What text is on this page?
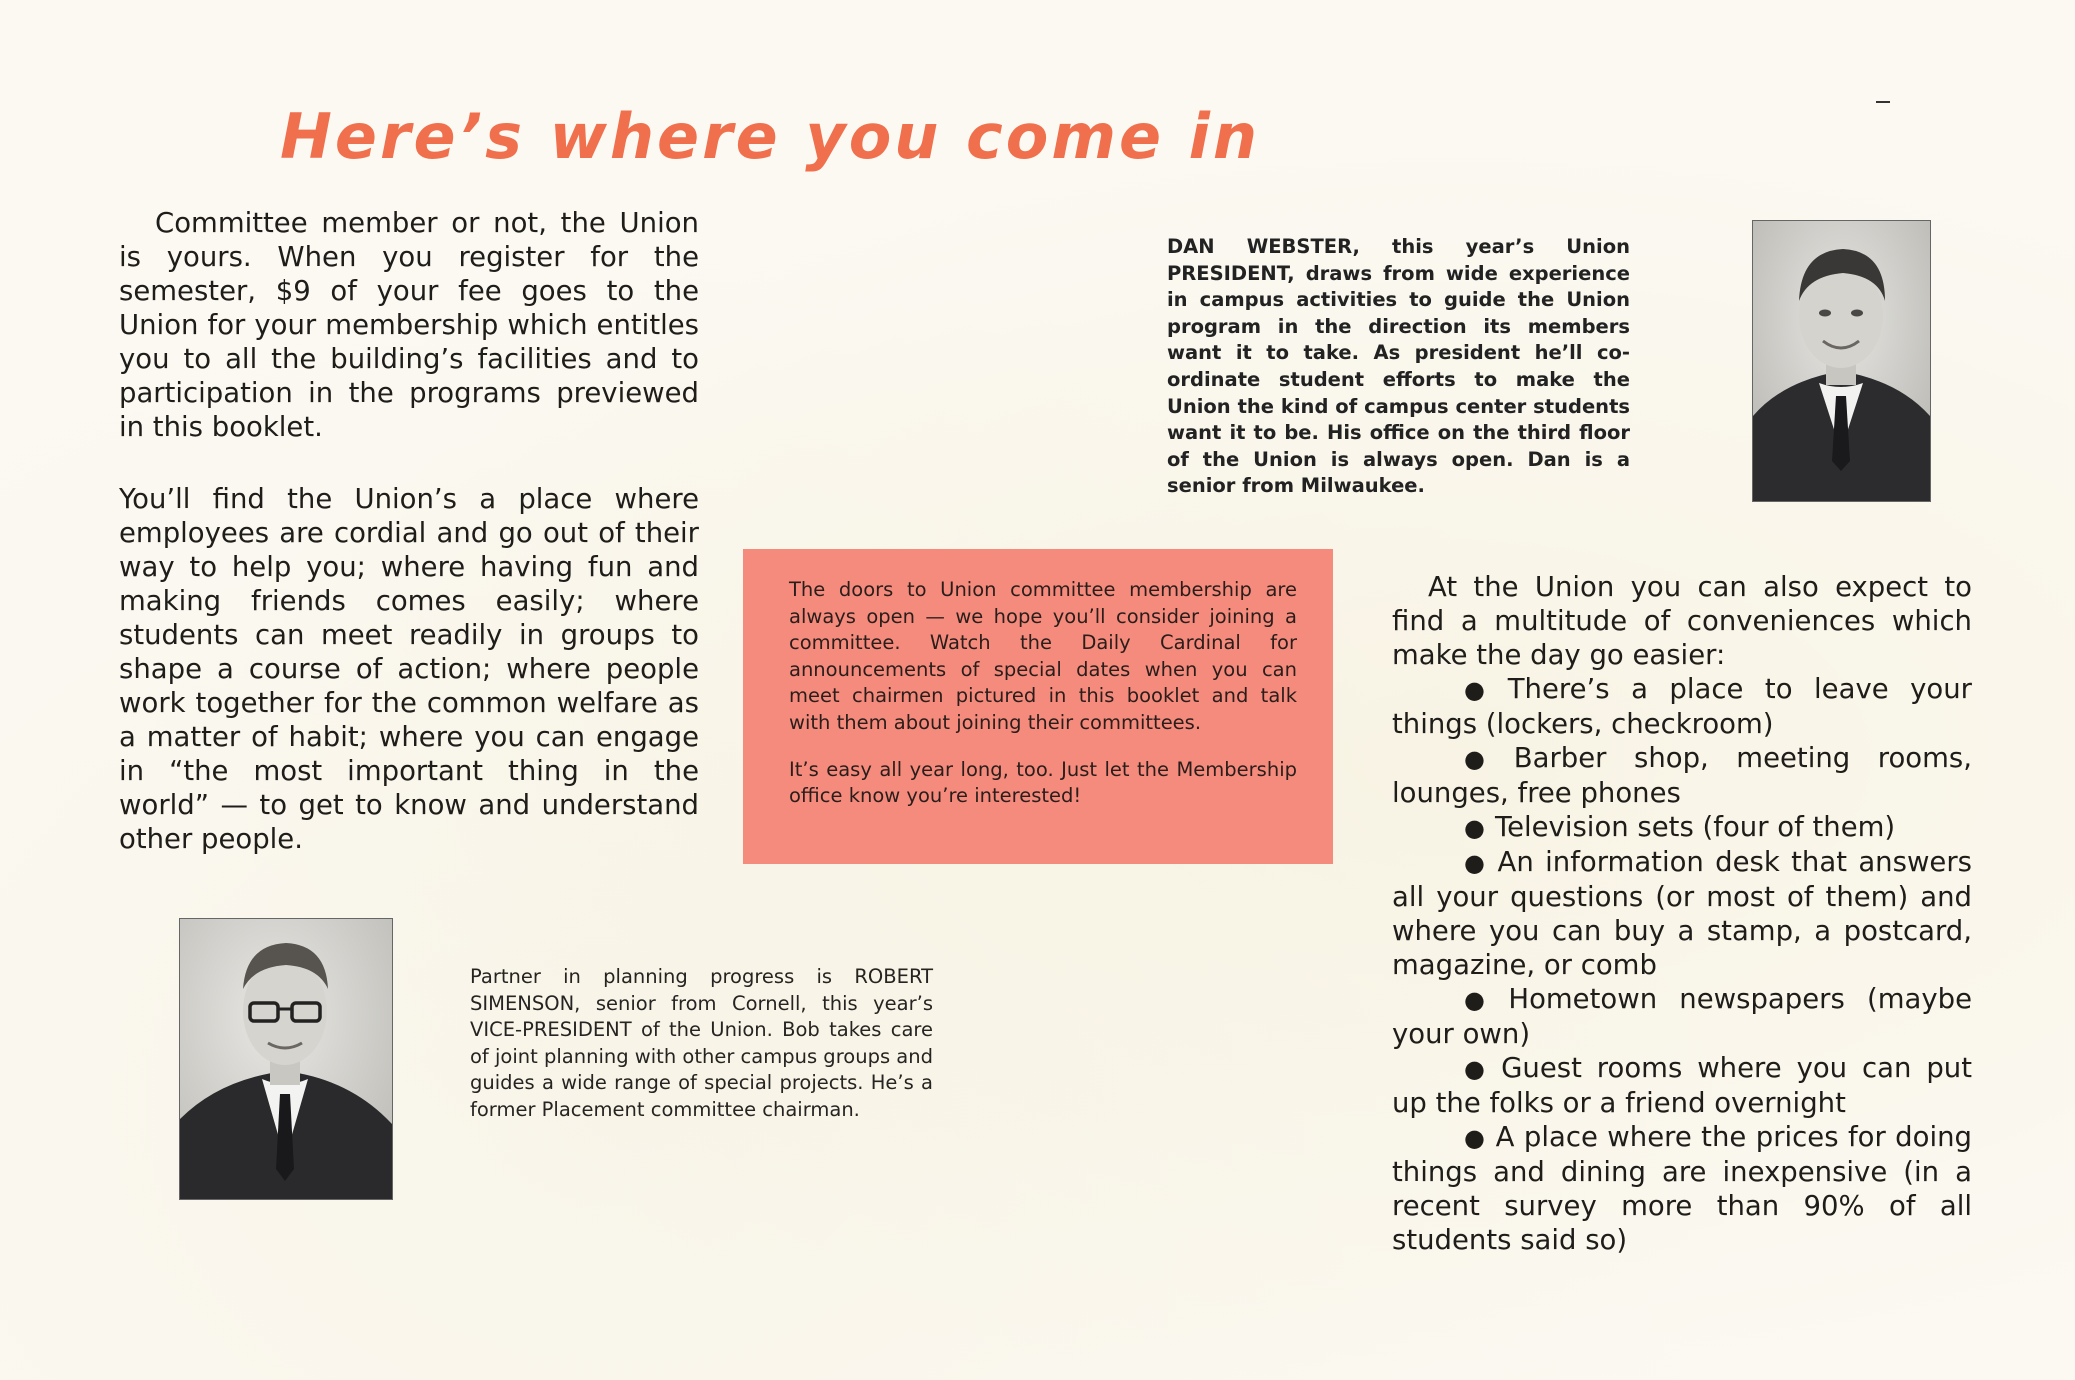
Here’s where you come in

Committee member or not, the Union is yours. When you register for the semester, $9 of your fee goes to the Union for your membership which entitles you to all the building’s facilities and to participation in the programs previewed in this booklet.

You’ll find the Union’s a place where employees are cordial and go out of their way to help you; where having fun and making friends comes easily; where students can meet readily in groups to shape a course of action; where people work together for the common welfare as a matter of habit; where you can engage in “the most important thing in the world” — to get to know and understand other people.

DAN WEBSTER, this year’s Union PRESIDENT, draws from wide experience in campus activities to guide the Union program in the direction its members want it to take. As president he’ll co-ordinate student efforts to make the Union the kind of campus center students want it to be. His office on the third floor of the Union is always open. Dan is a senior from Milwaukee.

The doors to Union committee membership are always open — we hope you’ll consider joining a committee. Watch the Daily Cardinal for announcements of special dates when you can meet chairmen pictured in this booklet and talk with them about joining their committees.

It’s easy all year long, too. Just let the Membership office know you’re interested!

Partner in planning progress is ROBERT SIMENSON, senior from Cornell, this year’s VICE-PRESIDENT of the Union. Bob takes care of joint planning with other campus groups and guides a wide range of special projects. He’s a former Placement committee chairman.

At the Union you can also expect to find a multitude of conveniences which make the day go easier:

● There’s a place to leave your things (lockers, checkroom)

● Barber shop, meeting rooms, lounges, free phones

● Television sets (four of them)

● An information desk that answers all your questions (or most of them) and where you can buy a stamp, a postcard, magazine, or comb

● Hometown newspapers (maybe your own)

● Guest rooms where you can put up the folks or a friend overnight

● A place where the prices for doing things and dining are inexpensive (in a recent survey more than 90% of all students said so)
